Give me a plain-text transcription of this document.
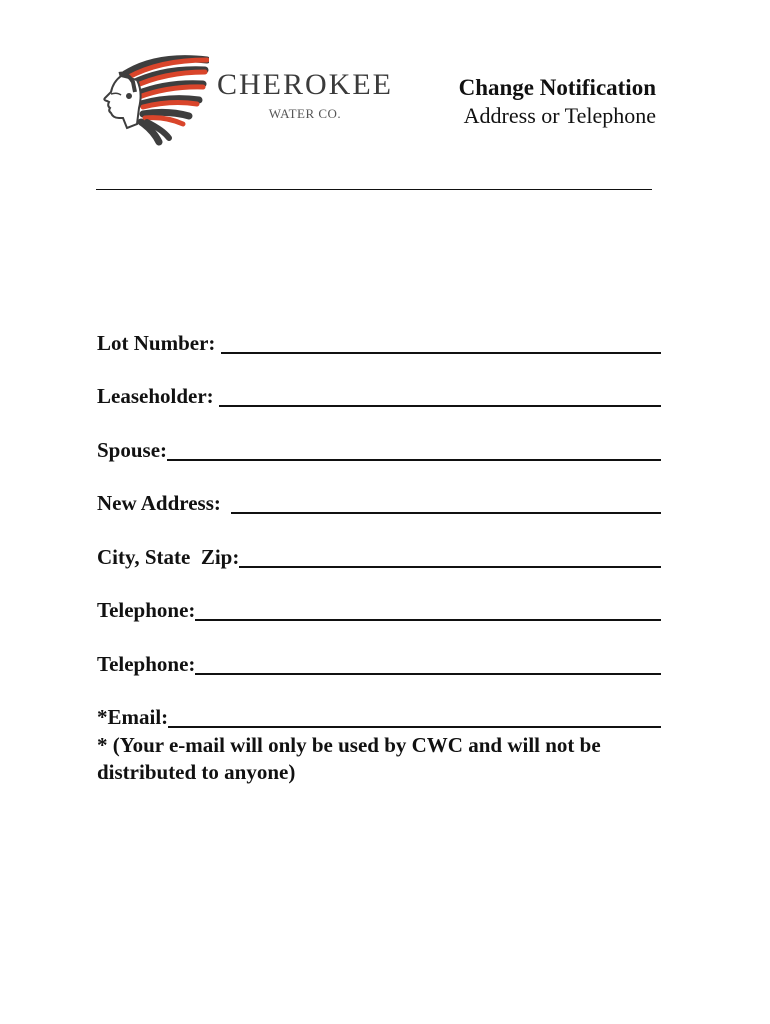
CHEROKEE
WATER CO.
Change Notification
Address or Telephone
Lot Number:
Leaseholder:
Spouse:
New Address:
City, State  Zip:
Telephone:
Telephone:
*Email:
* (Your e-mail will only be used by CWC and will not be distributed to anyone)
